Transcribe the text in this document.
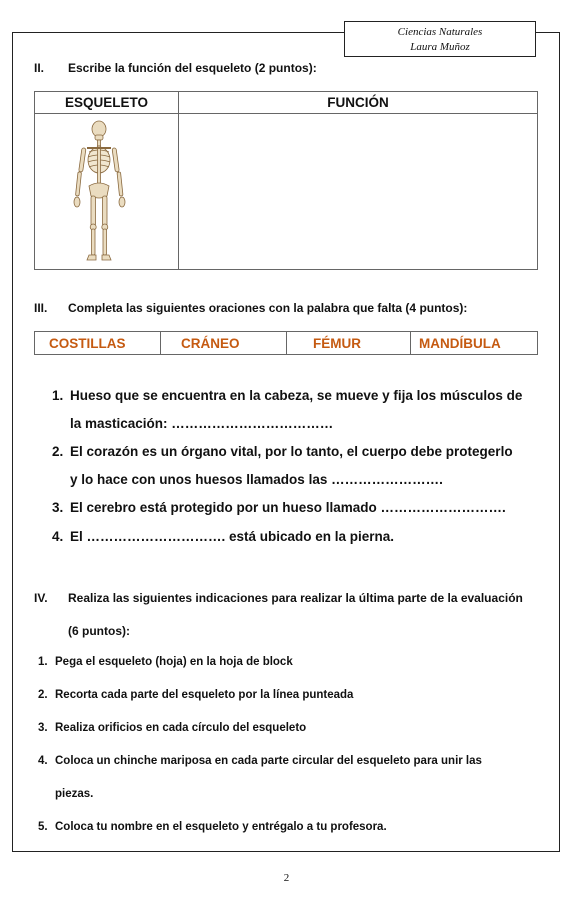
Ciencias Naturales
Laura Muñoz
II. Escribe la función del esqueleto (2 puntos):
ESQUELETO	FUNCIÓN

III. Completa las siguientes oraciones con la palabra que falta (4 puntos):
COSTILLAS	CRÁNEO	FÉMUR	MANDÍBULA
1. Hueso que se encuentra en la cabeza, se mueve y fija los músculos de
la masticación: ………………………………
2. El corazón es un órgano vital, por lo tanto, el cuerpo debe protegerlo
y lo hace con unos huesos llamados las …………………….
3. El cerebro está protegido por un hueso llamado ……………………….
4. El …………………………. está ubicado en la pierna.
IV. Realiza las siguientes indicaciones para realizar la última parte de la evaluación
(6 puntos):
1. Pega el esqueleto (hoja) en la hoja de block
2. Recorta cada parte del esqueleto por la línea punteada
3. Realiza orificios en cada círculo del esqueleto
4. Coloca un chinche mariposa en cada parte circular del esqueleto para unir las
piezas.
5. Coloca tu nombre en el esqueleto y entrégalo a tu profesora.
2
